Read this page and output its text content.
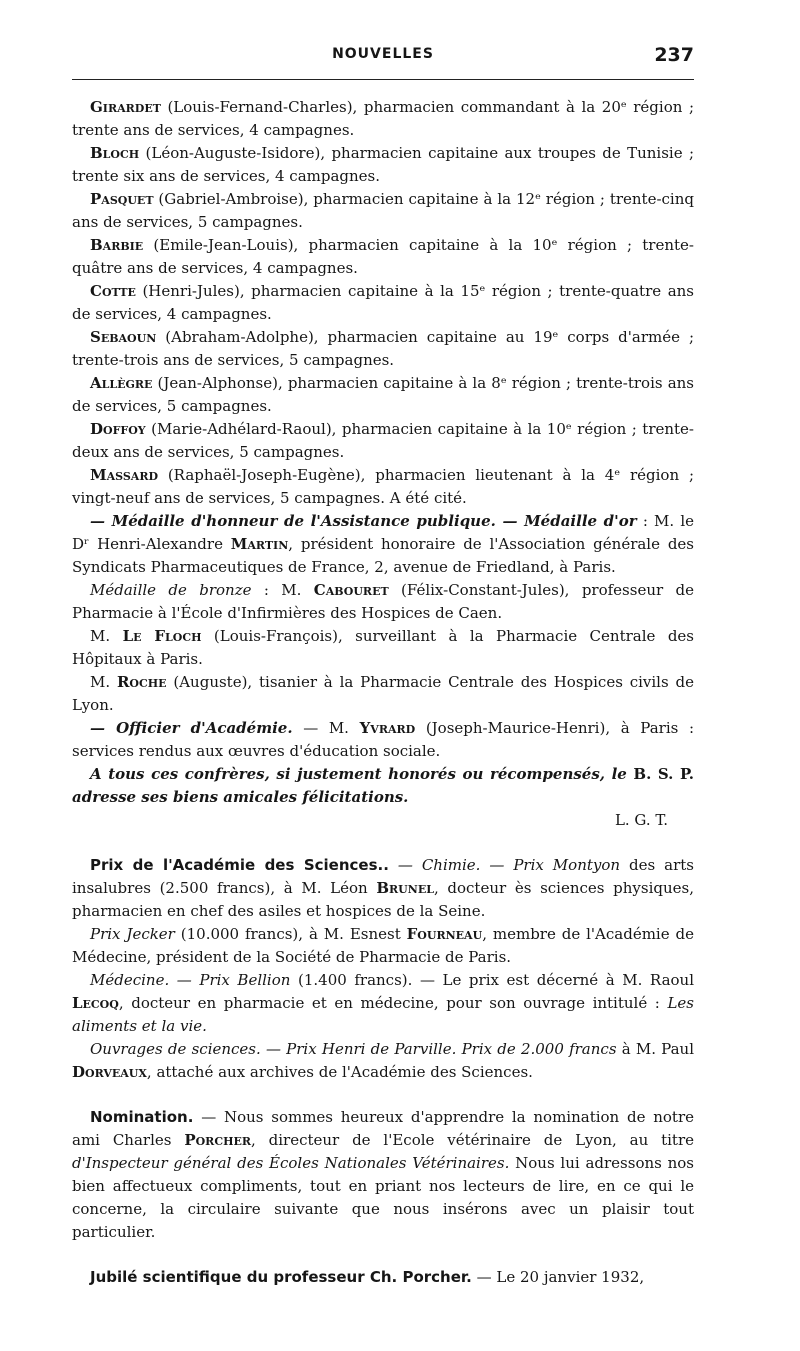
NOUVELLES	237

Girardet (Louis-Fernand-Charles), pharmacien commandant à la 20ᵉ région ; trente ans de services, 4 campagnes.

Bloch (Léon-Auguste-Isidore), pharmacien capitaine aux troupes de Tunisie ; trente six ans de services, 4 campagnes.

Pasquet (Gabriel-Ambroise), pharmacien capitaine à la 12ᵉ région ; trente-cinq ans de services, 5 campagnes.

Barbie (Emile-Jean-Louis), pharmacien capitaine à la 10ᵉ région ; trente-quâtre ans de services, 4 campagnes.

Cotte (Henri-Jules), pharmacien capitaine à la 15ᵉ région ; trente-quatre ans de services, 4 campagnes.

Sebaoun (Abraham-Adolphe), pharmacien capitaine au 19ᵉ corps d'armée ; trente-trois ans de services, 5 campagnes.

Allègre (Jean-Alphonse), pharmacien capitaine à la 8ᵉ région ; trente-trois ans de services, 5 campagnes.

Doffoy (Marie-Adhélard-Raoul), pharmacien capitaine à la 10ᵉ région ; trente-deux ans de services, 5 campagnes.

Massard (Raphaël-Joseph-Eugène), pharmacien lieutenant à la 4ᵉ région ; vingt-neuf ans de services, 5 campagnes. A été cité.

— Médaille d'honneur de l'Assistance publique. — Médaille d'or : M. le Dʳ Henri-Alexandre Martin, président honoraire de l'Association générale des Syndicats Pharmaceutiques de France, 2, avenue de Friedland, à Paris.

Médaille de bronze : M. Cabouret (Félix-Constant-Jules), professeur de Pharmacie à l'École d'Infirmières des Hospices de Caen.

M. Le Floch (Louis-François), surveillant à la Pharmacie Centrale des Hôpitaux à Paris.

M. Roche (Auguste), tisanier à la Pharmacie Centrale des Hospices civils de Lyon.

— Officier d'Académie. — M. Yvrard (Joseph-Maurice-Henri), à Paris : services rendus aux œuvres d'éducation sociale.

A tous ces confrères, si justement honorés ou récompensés, le B. S. P. adresse ses biens amicales félicitations.

L. G. T.

Prix de l'Académie des Sciences.. — Chimie. — Prix Montyon des arts insalubres (2.500 francs), à M. Léon Brunel, docteur ès sciences physiques, pharmacien en chef des asiles et hospices de la Seine.

Prix Jecker (10.000 francs), à M. Esnest Fourneau, membre de l'Académie de Médecine, président de la Société de Pharmacie de Paris.

Médecine. — Prix Bellion (1.400 francs). — Le prix est décerné à M. Raoul Lecoq, docteur en pharmacie et en médecine, pour son ouvrage intitulé : Les aliments et la vie.

Ouvrages de sciences. — Prix Henri de Parville. Prix de 2.000 francs à M. Paul Dorveaux, attaché aux archives de l'Académie des Sciences.

Nomination. — Nous sommes heureux d'apprendre la nomination de notre ami Charles Porcher, directeur de l'Ecole vétérinaire de Lyon, au titre d'Inspecteur général des Écoles Nationales Vétérinaires. Nous lui adressons nos bien affectueux compliments, tout en priant nos lecteurs de lire, en ce qui le concerne, la circulaire suivante que nous insérons avec un plaisir tout particulier.

Jubilé scientifique du professeur Ch. Porcher. — Le 20 janvier 1932,
